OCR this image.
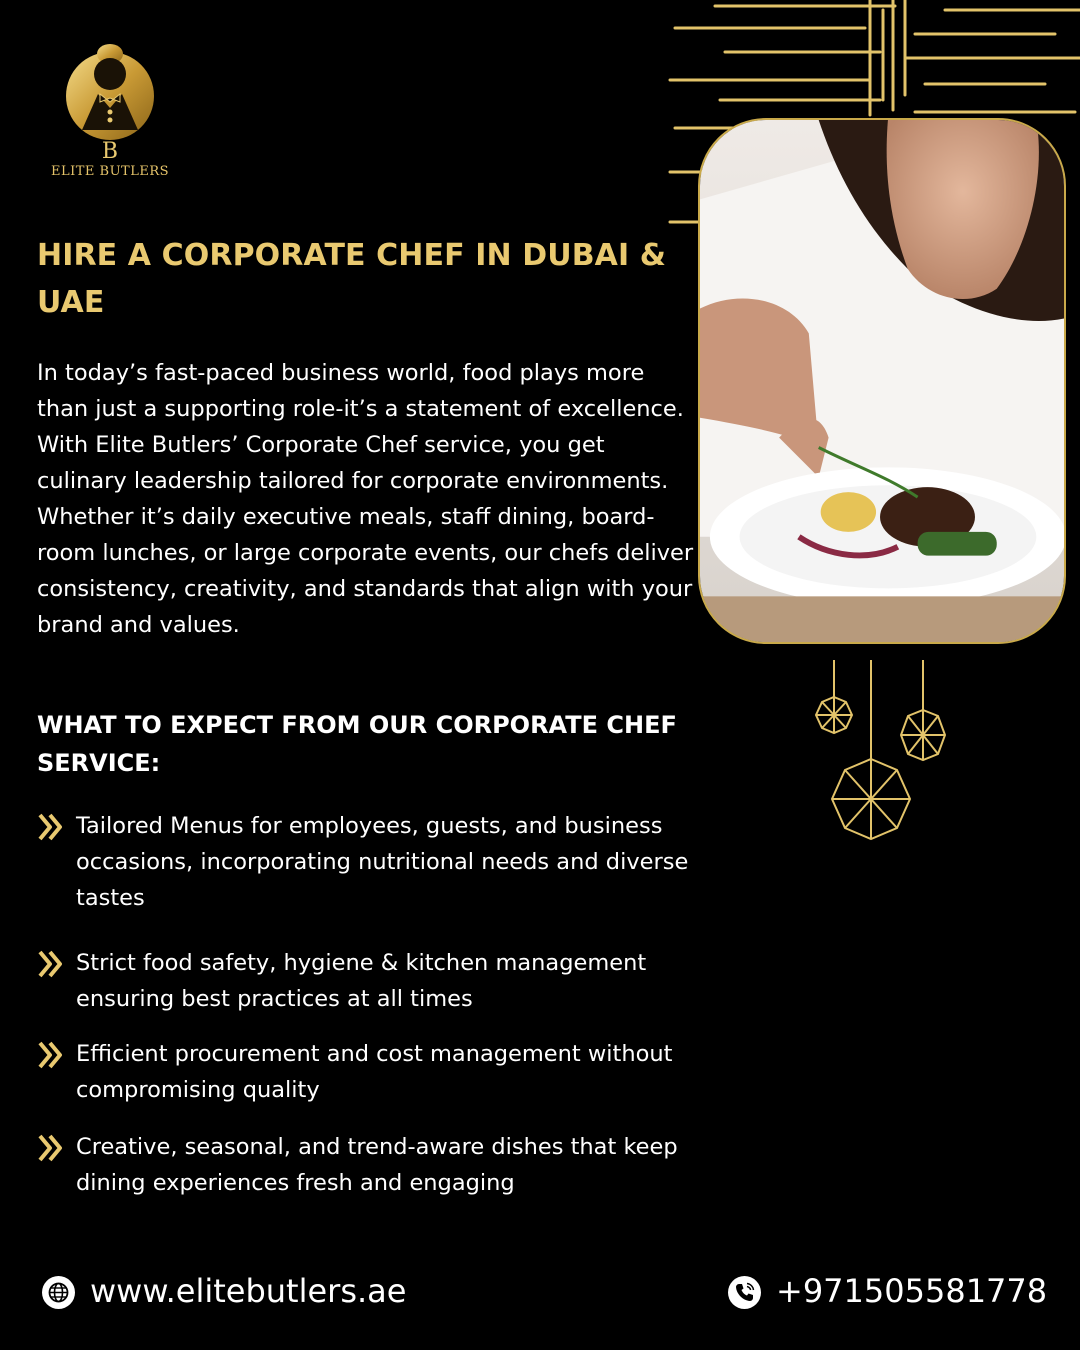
B
ELITE BUTLERS
HIRE A CORPORATE CHEF IN DUBAI & UAE

In today’s fast-paced business world, food plays more than just a supporting role-it’s a statement of excellence. With Elite Butlers’ Corporate Chef service, you get culinary leadership tailored for corporate environments. Whether it’s daily executive meals, staff dining, board-room lunches, or large corporate events, our chefs deliver consistency, creativity, and standards that align with your brand and values.

WHAT TO EXPECT FROM OUR CORPORATE CHEF SERVICE:
Tailored Menus for employees, guests, and business occasions, incorporating nutritional needs and diverse tastes
Strict food safety, hygiene & kitchen management ensuring best practices at all times
Efficient procurement and cost management without compromising quality
Creative, seasonal, and trend-aware dishes that keep dining experiences fresh and engaging
www.elitebutlers.ae	+971505581778
